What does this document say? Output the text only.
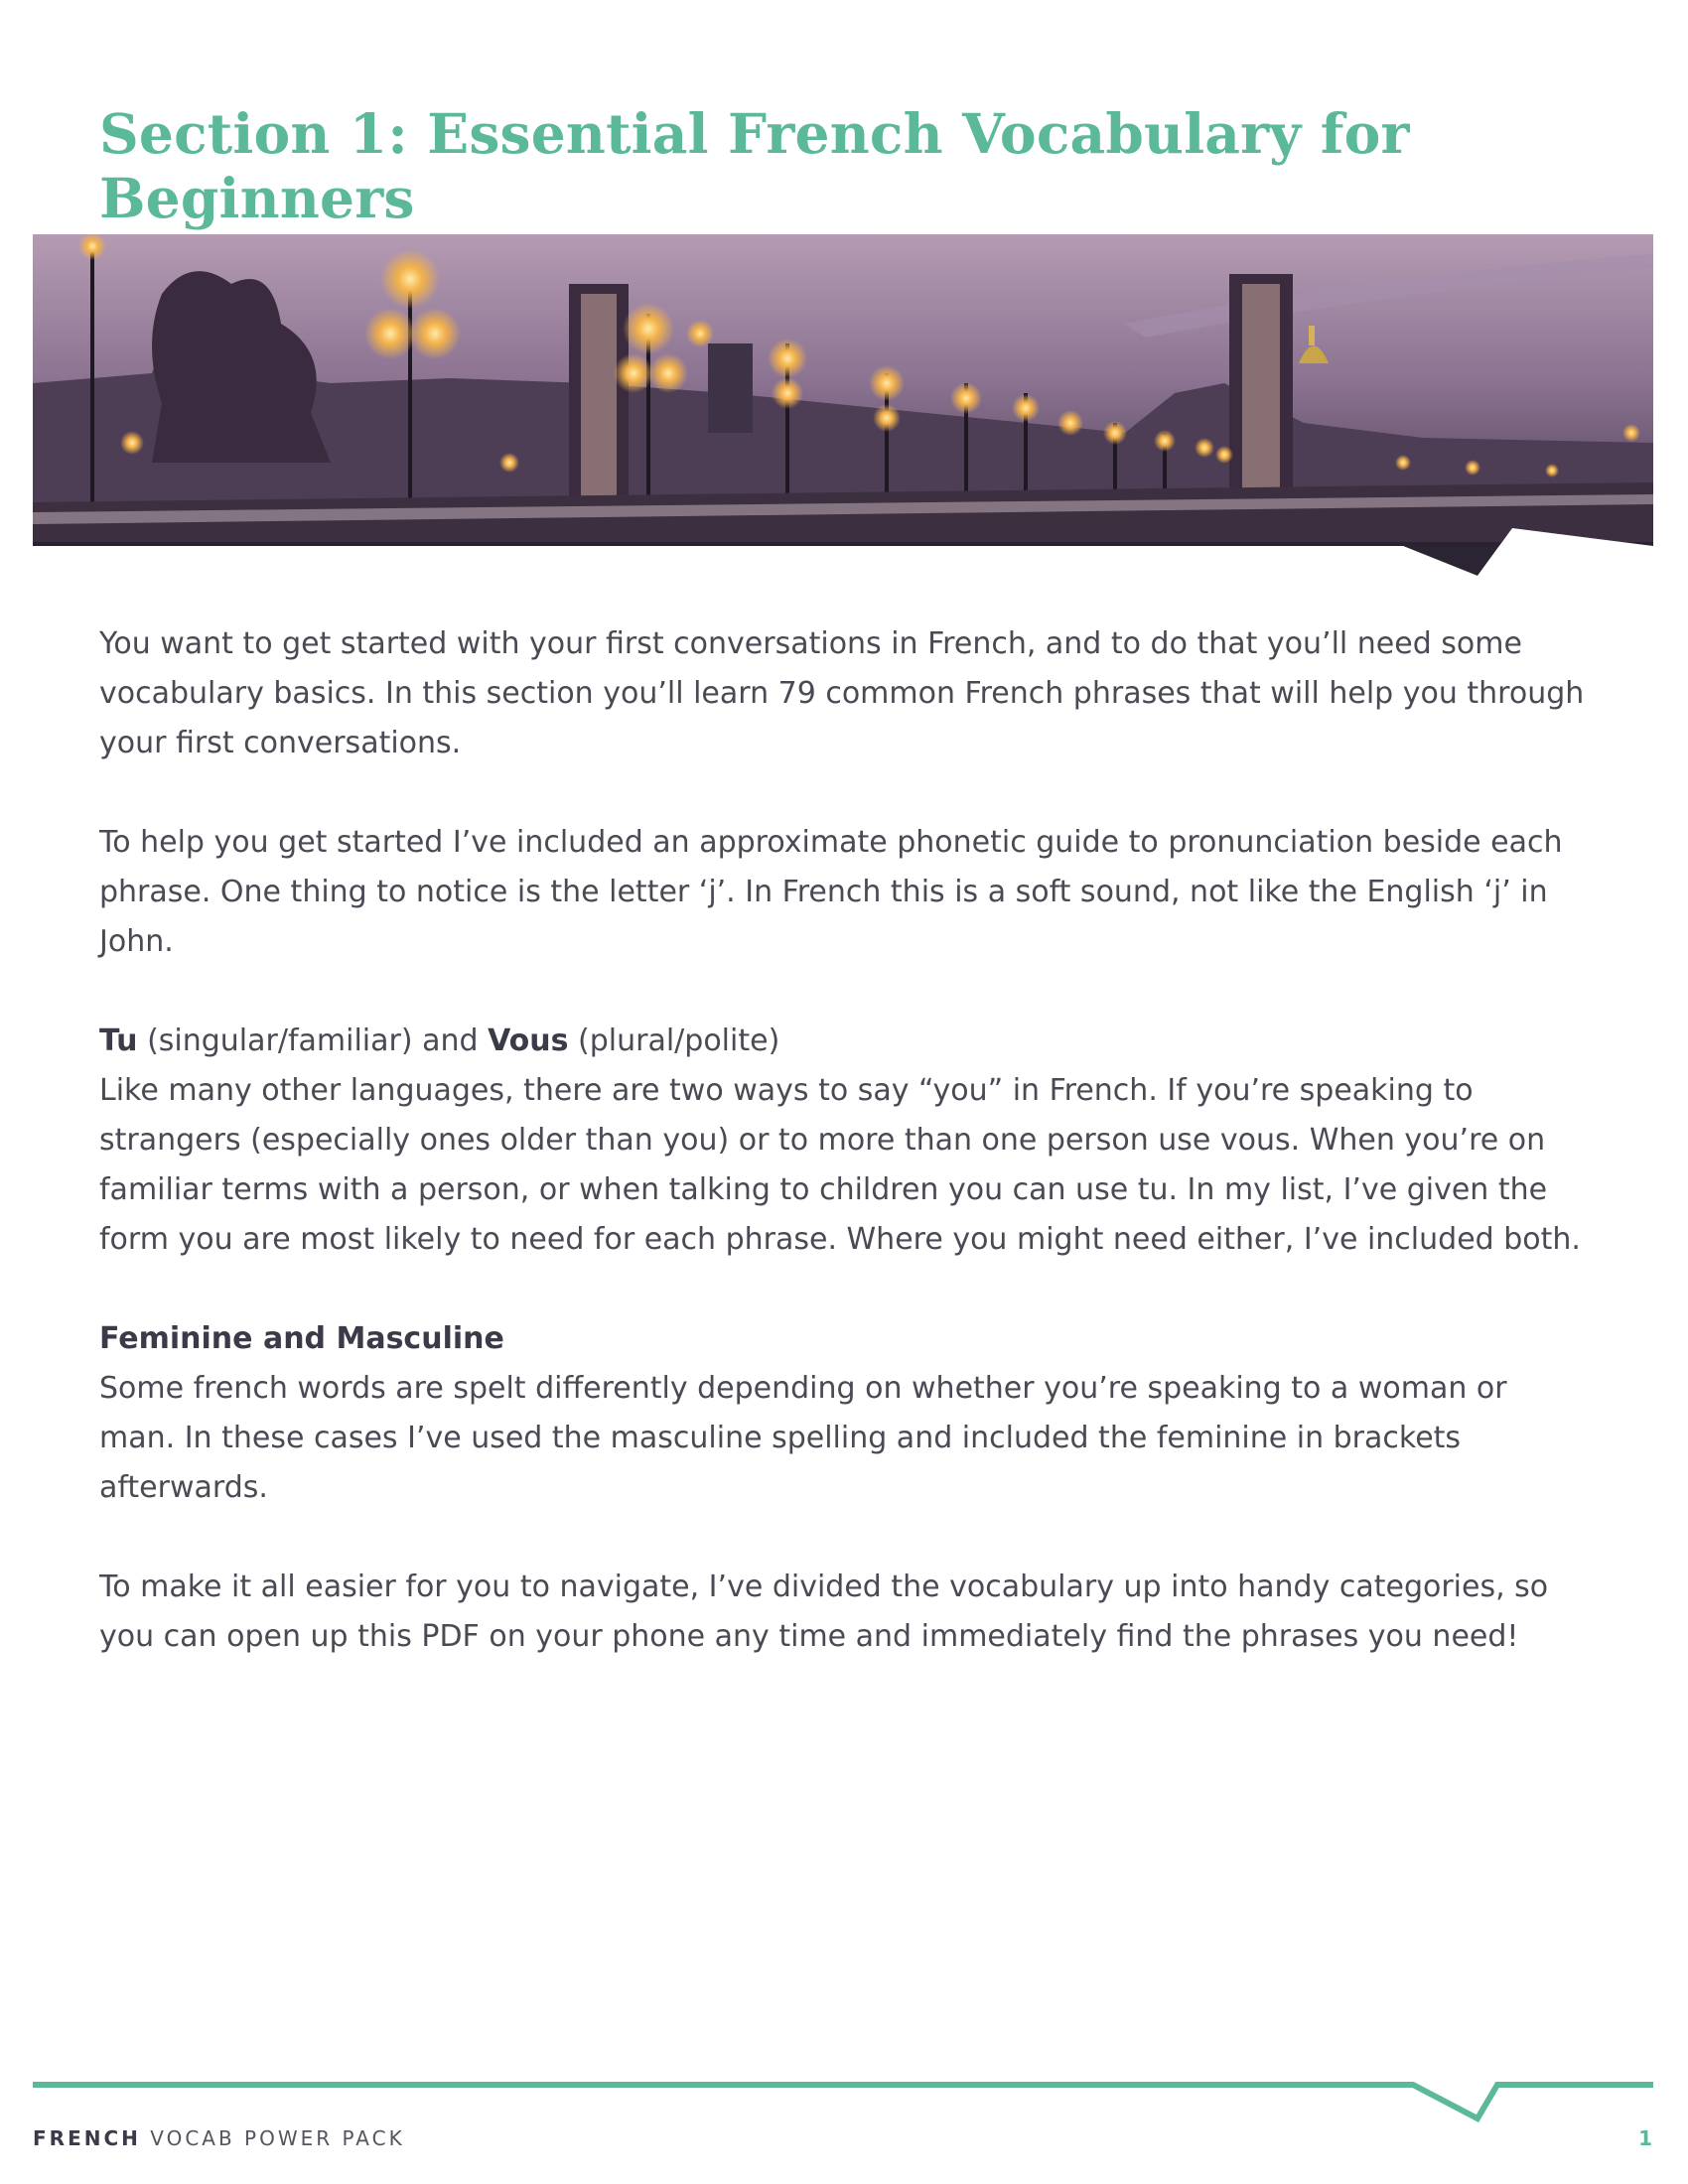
Section 1: Essential French Vocabulary for Beginners

You want to get started with your first conversations in French, and to do that you’ll need some vocabulary basics. In this section you’ll learn 79 common French phrases that will help you through your first conversations.

To help you get started I’ve included an approximate phonetic guide to pronunciation beside each phrase. One thing to notice is the letter ‘j’. In French this is a soft sound, not like the English ‘j’ in John.

Tu (singular/familiar) and Vous (plural/polite)
Like many other languages, there are two ways to say “you” in French. If you’re speaking to strangers (especially ones older than you) or to more than one person use vous. When you’re on familiar terms with a person, or when talking to children you can use tu. In my list, I’ve given the form you are most likely to need for each phrase. Where you might need either, I’ve included both.

Feminine and Masculine
Some french words are spelt differently depending on whether you’re speaking to a woman or man. In these cases I’ve used the masculine spelling and included the feminine in brackets afterwards.

To make it all easier for you to navigate, I’ve divided the vocabulary up into handy categories, so you can open up this PDF on your phone any time and immediately find the phrases you need!

FRENCH VOCAB POWER PACK	1
